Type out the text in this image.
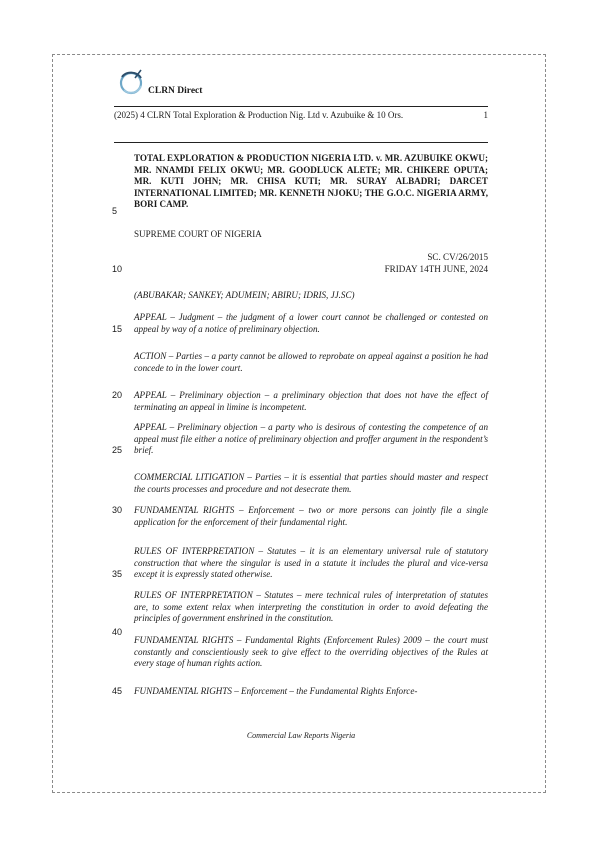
CLRN Direct
(2025) 4 CLRN Total Exploration & Production Nig. Ltd v. Azubuike & 10 Ors.	1
TOTAL EXPLORATION & PRODUCTION NIGERIA LTD. v. MR. AZUBUIKE OKWU; MR. NNAMDI FELIX OKWU; MR. GOODLUCK ALETE; MR. CHIKERE OPUTA; MR. KUTI JOHN; MR. CHISA KUTI; MR. SURAY ALBADRI; DARCET INTERNATIONAL LIMITED; MR. KENNETH NJOKU; THE G.O.C. NIGERIA ARMY, BORI CAMP.
SUPREME COURT OF NIGERIA
SC. CV/26/2015
FRIDAY 14TH JUNE, 2024
(ABUBAKAR; SANKEY; ADUMEIN; ABIRU; IDRIS, JJ.SC)
APPEAL – Judgment – the judgment of a lower court cannot be challenged or contested on appeal by way of a notice of preliminary objection.
ACTION – Parties – a party cannot be allowed to reprobate on appeal against a position he had concede to in the lower court.
APPEAL – Preliminary objection – a preliminary objection that does not have the effect of terminating an appeal in limine is incompetent.
APPEAL – Preliminary objection – a party who is desirous of contesting the competence of an appeal must file either a notice of preliminary objection and proffer argument in the respondent’s brief.
COMMERCIAL LITIGATION – Parties – it is essential that parties should master and respect the courts processes and procedure and not desecrate them.
FUNDAMENTAL RIGHTS – Enforcement – two or more persons can jointly file a single application for the enforcement of their fundamental right.
RULES OF INTERPRETATION – Statutes – it is an elementary universal rule of statutory construction that where the singular is used in a statute it includes the plural and vice-versa except it is expressly stated otherwise.
RULES OF INTERPRETATION – Statutes – mere technical rules of interpretation of statutes are, to some extent relax when interpreting the constitution in order to avoid defeating the principles of government enshrined in the constitution.
FUNDAMENTAL RIGHTS – Fundamental Rights (Enforcement Rules) 2009 – the court must constantly and conscientiously seek to give effect to the overriding objectives of the Rules at every stage of human rights action.
FUNDAMENTAL RIGHTS – Enforcement – the Fundamental Rights Enforce-
5
10
15
20
25
30
35
40
45
Commercial Law Reports Nigeria
